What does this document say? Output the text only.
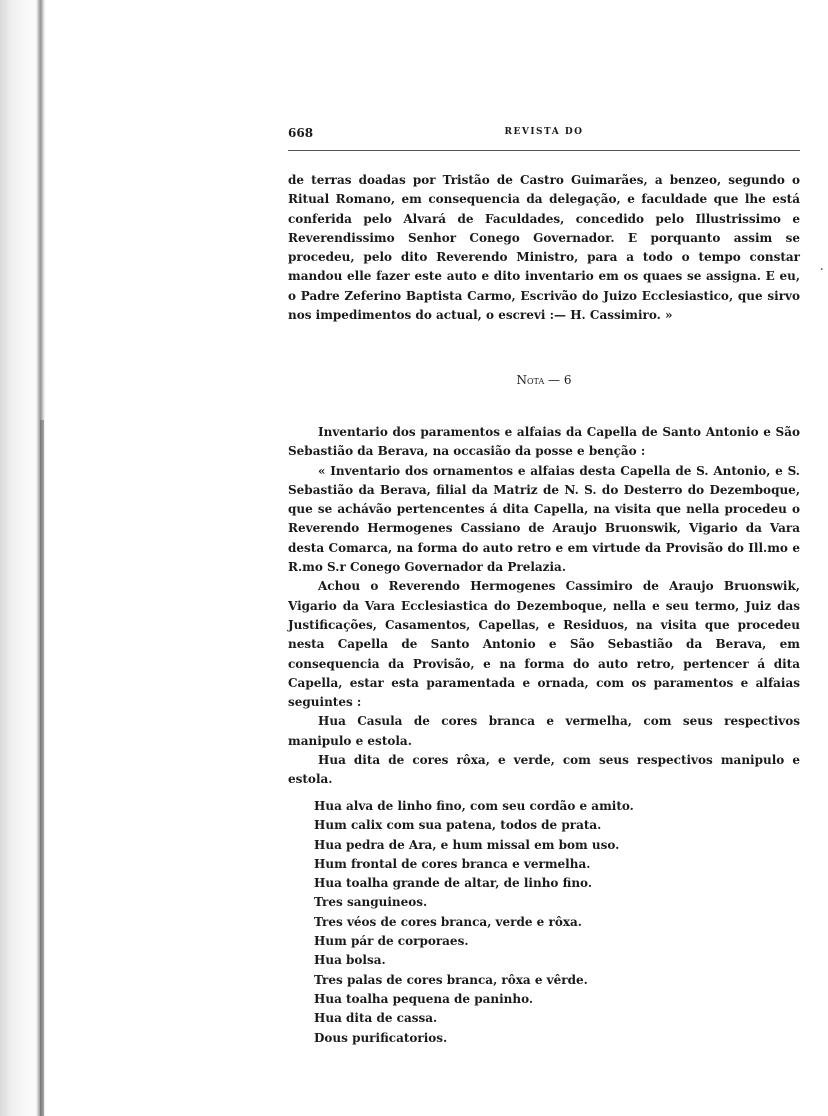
.
668	REVISTA DO

de terras doadas por Tristão de Castro Guimarães, a benzeo, segundo o Ritual Romano, em consequencia da delegação, e faculdade que lhe está conferida pelo Alvará de Faculdades, concedido pelo Illustrissimo e Reverendissimo Senhor Conego Governador. E porquanto assim se procedeu, pelo dito Reverendo Ministro, para a todo o tempo constar mandou elle fazer este auto e dito inventario em os quaes se assigna. E eu, o Padre Zeferino Baptista Carmo, Escrivão do Juizo Ecclesiastico, que sirvo nos impedimentos do actual, o escrevi :— H. Cassimiro. »

Nota — 6

Inventario dos paramentos e alfaias da Capella de Santo Antonio e São Sebastião da Berava, na occasião da posse e benção :

« Inventario dos ornamentos e alfaias desta Capella de S. Antonio, e S. Sebastião da Berava, filial da Matriz de N. S. do Desterro do Dezemboque, que se achávão pertencentes á dita Capella, na visita que nella procedeu o Reverendo Hermogenes Cassiano de Araujo Bruonswik, Vigario da Vara desta Comarca, na forma do auto retro e em virtude da Provisão do Ill.mo e R.mo S.r Conego Governador da Prelazia.

Achou o Reverendo Hermogenes Cassimiro de Araujo Bruonswik, Vigario da Vara Ecclesiastica do Dezemboque, nella e seu termo, Juiz das Justificações, Casamentos, Capellas, e Residuos, na visita que procedeu nesta Capella de Santo Antonio e São Sebastião da Berava, em consequencia da Provisão, e na forma do auto retro, pertencer á dita Capella, estar esta paramentada e ornada, com os paramentos e alfaias seguintes :

Hua Casula de cores branca e vermelha, com seus respectivos manipulo e estola.

Hua dita de cores rôxa, e verde, com seus respectivos manipulo e estola.

Hua alva de linho fino, com seu cordão e amito.
Hum calix com sua patena, todos de prata.
Hua pedra de Ara, e hum missal em bom uso.
Hum frontal de cores branca e vermelha.
Hua toalha grande de altar, de linho fino.
Tres sanguineos.
Tres véos de cores branca, verde e rôxa.
Hum pár de corporaes.
Hua bolsa.
Tres palas de cores branca, rôxa e vêrde.
Hua toalha pequena de paninho.
Hua dita de cassa.
Dous purificatorios.
